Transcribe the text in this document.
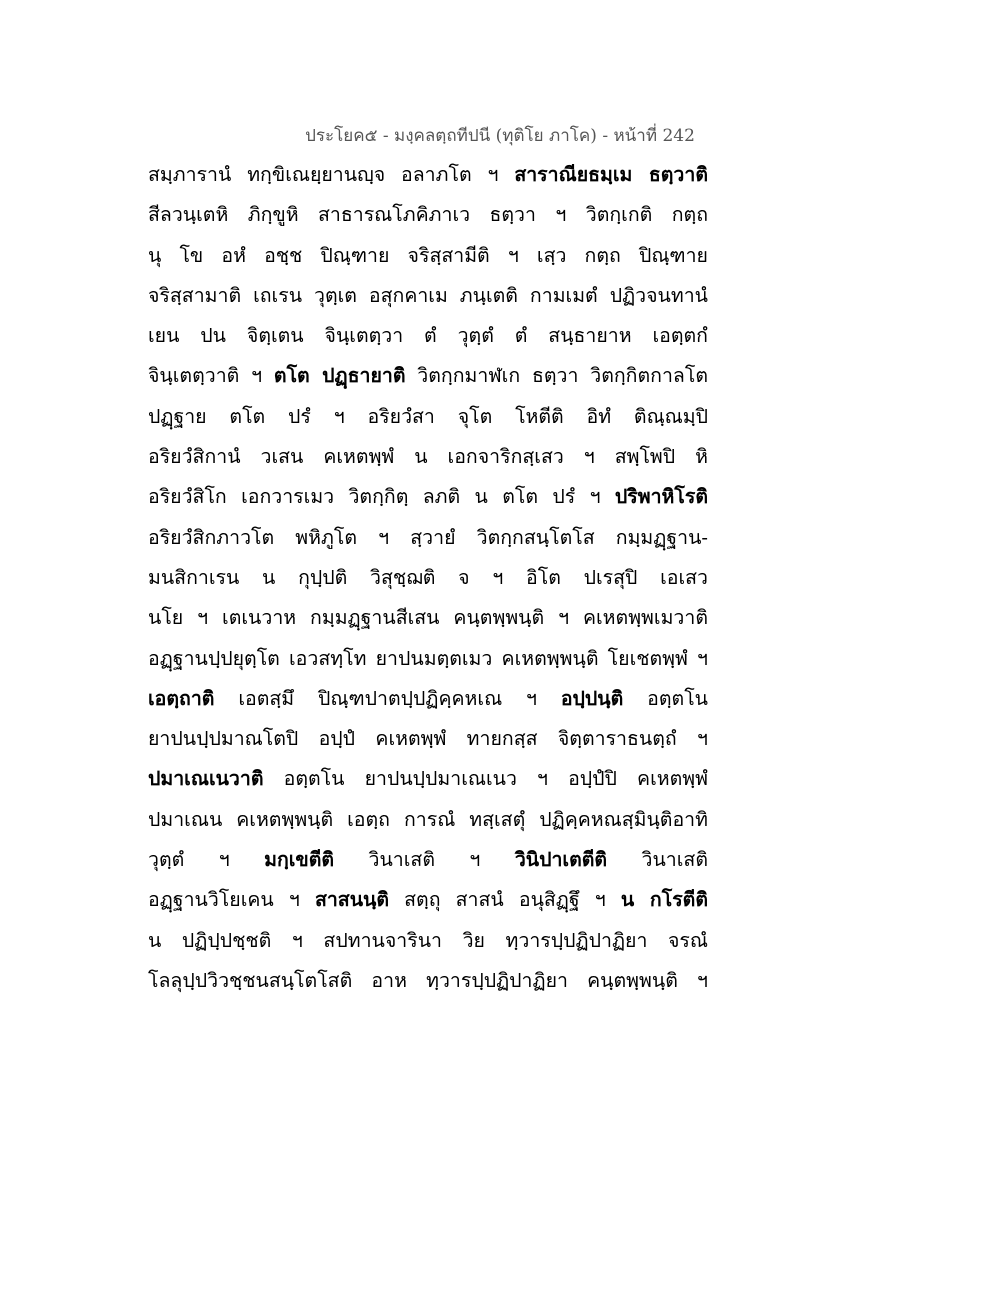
ประโยค๕ - มงฺคลตฺถทีปนี (ทุติโย ภาโค) - หน้าที่ 242
สมฺภารานํ ทกฺขิเณยฺยานญฺจ อลาภโต ฯ สาราณียธมฺเม ธตฺวาติ
สีลวนฺเตหิ ภิกฺขูหิ สาธารณโภคิภาเว ธตฺวา ฯ วิตกฺเกติ กตฺถ
นุ โข อหํ อชฺช ปิณฺฑาย จริสฺสามีติ ฯ เสฺว กตฺถ ปิณฺฑาย
จริสฺสามาติ เถเรน วุตฺเต อสุกคาเม ภนฺเตติ กามเมตํ ปฏิวจนทานํ
เยน ปน จิตฺเตน จินฺเตตฺวา ตํ วุตฺตํ ตํ สนฺธายาห เอตฺตกํ
จินฺเตตฺวาติ ฯ ตโต ปฏฺธายาติ วิตกฺกมาฬเก ธตฺวา วิตกฺกิตกาลโต
ปฏฺฐาย ตโต ปรํ ฯ อริยวํสา จุโต โหตีติ อิทํ ติณฺณมฺปิ
อริยวํสิกานํ วเสน คเหตพฺพํ น เอกจาริกสฺเสว ฯ สพฺโพปิ หิ
อริยวํสิโก เอกวารเมว วิตกฺกิตฺ ลภติ น ตโต ปรํ ฯ ปริพาหิโรติ
อริยวํสิกภาวโต พหิภูโต ฯ สฺวายํ วิตกฺกสนฺโตโส กมฺมฏฺฐาน-
มนสิกาเรน น กุปฺปติ วิสุชฺฌติ จ ฯ อิโต ปเรสุปิ เอเสว
นโย ฯ เตเนวาห กมฺมฏฺฐานสีเสน คนฺตพฺพนฺติ ฯ คเหตพฺพเมวาติ
อฏฺฐานปฺปยุตฺโต เอวสทฺโท ยาปนมตฺตเมว คเหตพฺพนฺติ โยเชตพฺพํ ฯ
เอตฺถาติ เอตสฺมึ ปิณฺฑปาตปฺปฏิคฺคหเณ ฯ อปฺปนฺติ อตฺตโน
ยาปนปฺปมาณโตปิ อปฺปํ คเหตพฺพํ ทายกสฺส จิตฺตาราธนตฺถํ ฯ
ปมาเณเนวาติ อตฺตโน ยาปนปฺปมาเณเนว ฯ อปฺปํปิ คเหตพฺพํ
ปมาเณน คเหตพฺพนฺติ เอตฺถ การณํ ทสฺเสตุํ ปฏิคฺคหณสฺมินฺติอาทิ
วุตฺตํ ฯ มกฺเขตีติ วินาเสติ ฯ วินิปาเตตีติ วินาเสติ
อฏฺฐานวิโยเคน ฯ สาสนนฺติ สตฺถุ สาสนํ อนุสิฏฺฐึ ฯ น กโรตีติ
น ปฏิปฺปชฺชติ ฯ สปทานจารินา วิย ทฺวารปฺปฏิปาฏิยา จรณํ
โลลุปฺปวิวชฺชนสนฺโตโสติ อาห ทฺวารปฺปฏิปาฏิยา คนฺตพฺพนฺติ ฯ
